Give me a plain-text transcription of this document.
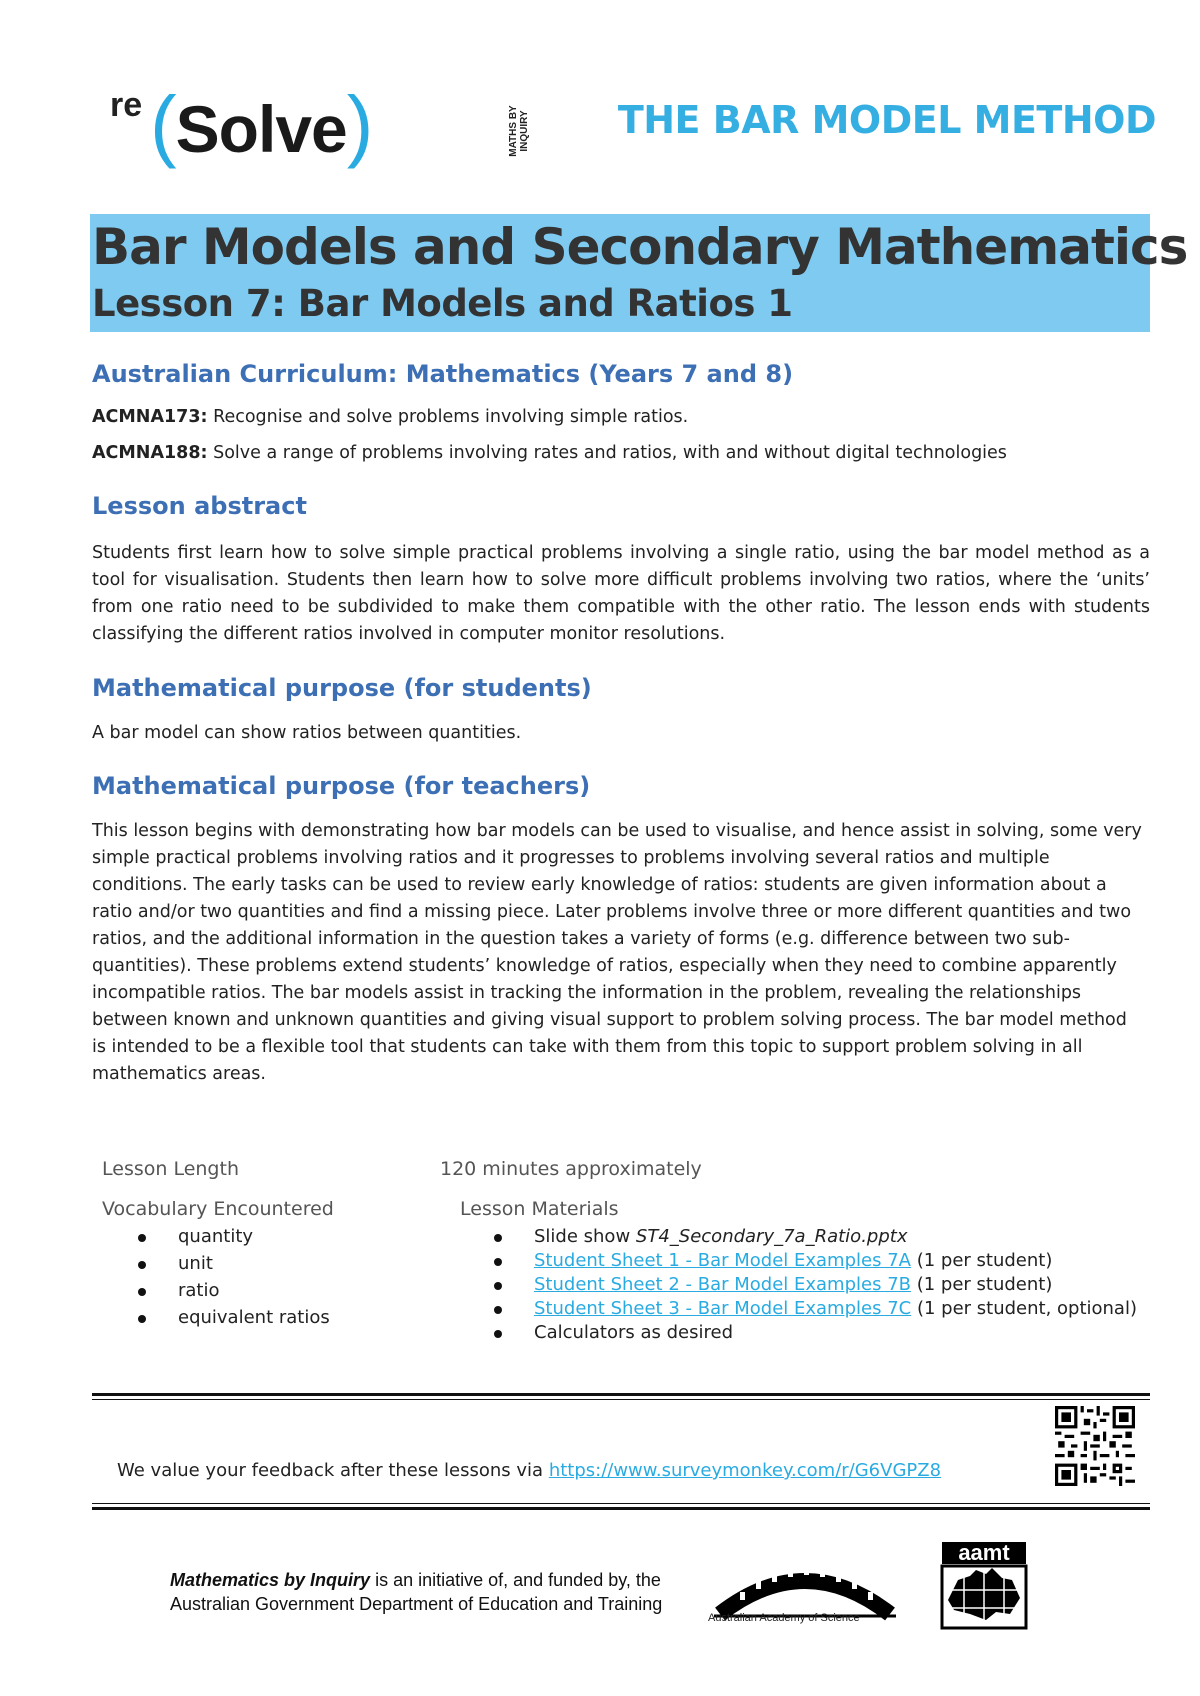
re (Solve)	MATHS BY INQUIRY THE BAR MODEL METHOD
Bar Models and Secondary Mathematics
Lesson 7: Bar Models and Ratios 1
Australian Curriculum: Mathematics (Years 7 and 8)
ACMNA173: Recognise and solve problems involving simple ratios.
ACMNA188: Solve a range of problems involving rates and ratios, with and without digital technologies
Lesson abstract
Students first learn how to solve simple practical problems involving a single ratio, using the bar model method as a tool for visualisation. Students then learn how to solve more difficult problems involving two ratios, where the ‘units’ from one ratio need to be subdivided to make them compatible with the other ratio. The lesson ends with students classifying the different ratios involved in computer monitor resolutions.
Mathematical purpose (for students)
A bar model can show ratios between quantities.
Mathematical purpose (for teachers)
This lesson begins with demonstrating how bar models can be used to visualise, and hence assist in solving, some very simple practical problems involving ratios and it progresses to problems involving several ratios and multiple conditions. The early tasks can be used to review early knowledge of ratios: students are given information about a ratio and/or two quantities and find a missing piece. Later problems involve three or more different quantities and two ratios, and the additional information in the question takes a variety of forms (e.g. difference between two sub-quantities). These problems extend students’ knowledge of ratios, especially when they need to combine apparently incompatible ratios. The bar models assist in tracking the information in the problem, revealing the relationships between known and unknown quantities and giving visual support to problem solving process. The bar model method is intended to be a flexible tool that students can take with them from this topic to support problem solving in all mathematics areas.
Lesson Length	120 minutes approximately
Vocabulary Encountered	Lesson Materials
quantity
unit
ratio
equivalent ratios
Slide show ST4_Secondary_7a_Ratio.pptx
Student Sheet 1 - Bar Model Examples 7A (1 per student)
Student Sheet 2 - Bar Model Examples 7B (1 per student)
Student Sheet 3 - Bar Model Examples 7C (1 per student, optional)
Calculators as desired
We value your feedback after these lessons via https://www.surveymonkey.com/r/G6VGPZ8
Mathematics by Inquiry is an initiative of, and funded by, the
Australian Government Department of Education and Training
Australian Academy of Science
aamt
